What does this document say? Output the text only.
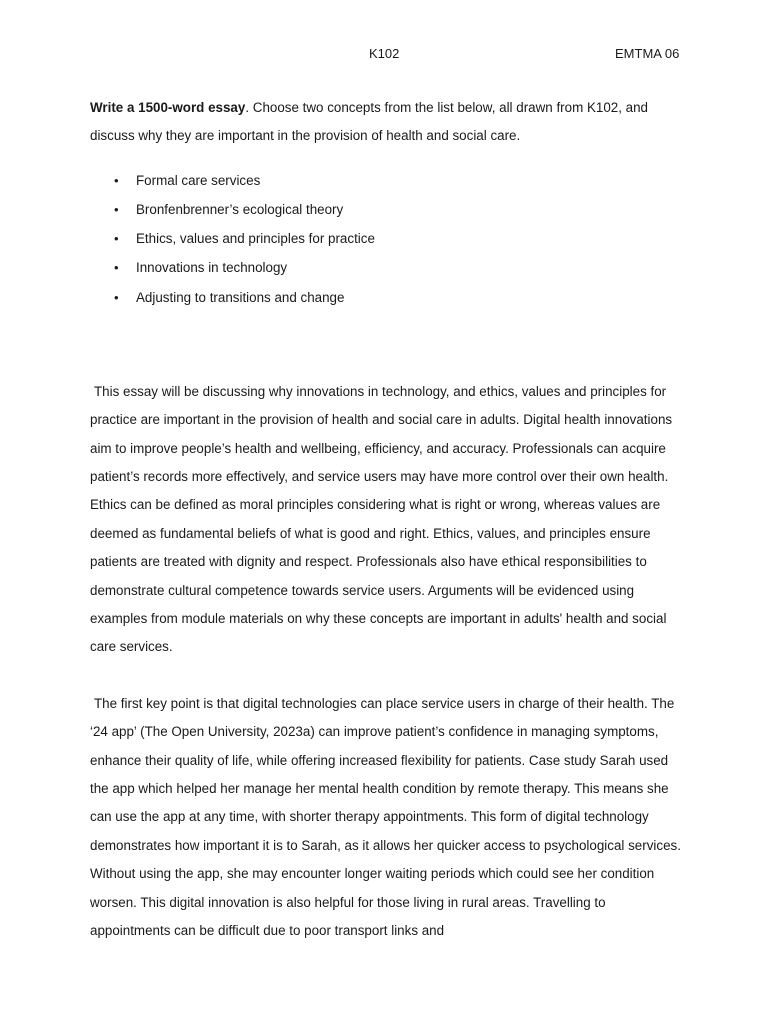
K102	EMTMA 06

Write a 1500-word essay. Choose two concepts from the list below, all drawn from K102, and discuss why they are important in the provision of health and social care.

• Formal care services
• Bronfenbrenner’s ecological theory
• Ethics, values and principles for practice
• Innovations in technology
• Adjusting to transitions and change

This essay will be discussing why innovations in technology, and ethics, values and principles for practice are important in the provision of health and social care in adults. Digital health innovations aim to improve people’s health and wellbeing, efficiency, and accuracy. Professionals can acquire patient’s records more effectively, and service users may have more control over their own health. Ethics can be defined as moral principles considering what is right or wrong, whereas values are deemed as fundamental beliefs of what is good and right. Ethics, values, and principles ensure patients are treated with dignity and respect. Professionals also have ethical responsibilities to demonstrate cultural competence towards service users. Arguments will be evidenced using examples from module materials on why these concepts are important in adults' health and social care services.

The first key point is that digital technologies can place service users in charge of their health. The ‘24 app’ (The Open University, 2023a) can improve patient’s confidence in managing symptoms, enhance their quality of life, while offering increased flexibility for patients. Case study Sarah used the app which helped her manage her mental health condition by remote therapy. This means she can use the app at any time, with shorter therapy appointments. This form of digital technology demonstrates how important it is to Sarah, as it allows her quicker access to psychological services. Without using the app, she may encounter longer waiting periods which could see her condition worsen. This digital innovation is also helpful for those living in rural areas. Travelling to appointments can be difficult due to poor transport links and
